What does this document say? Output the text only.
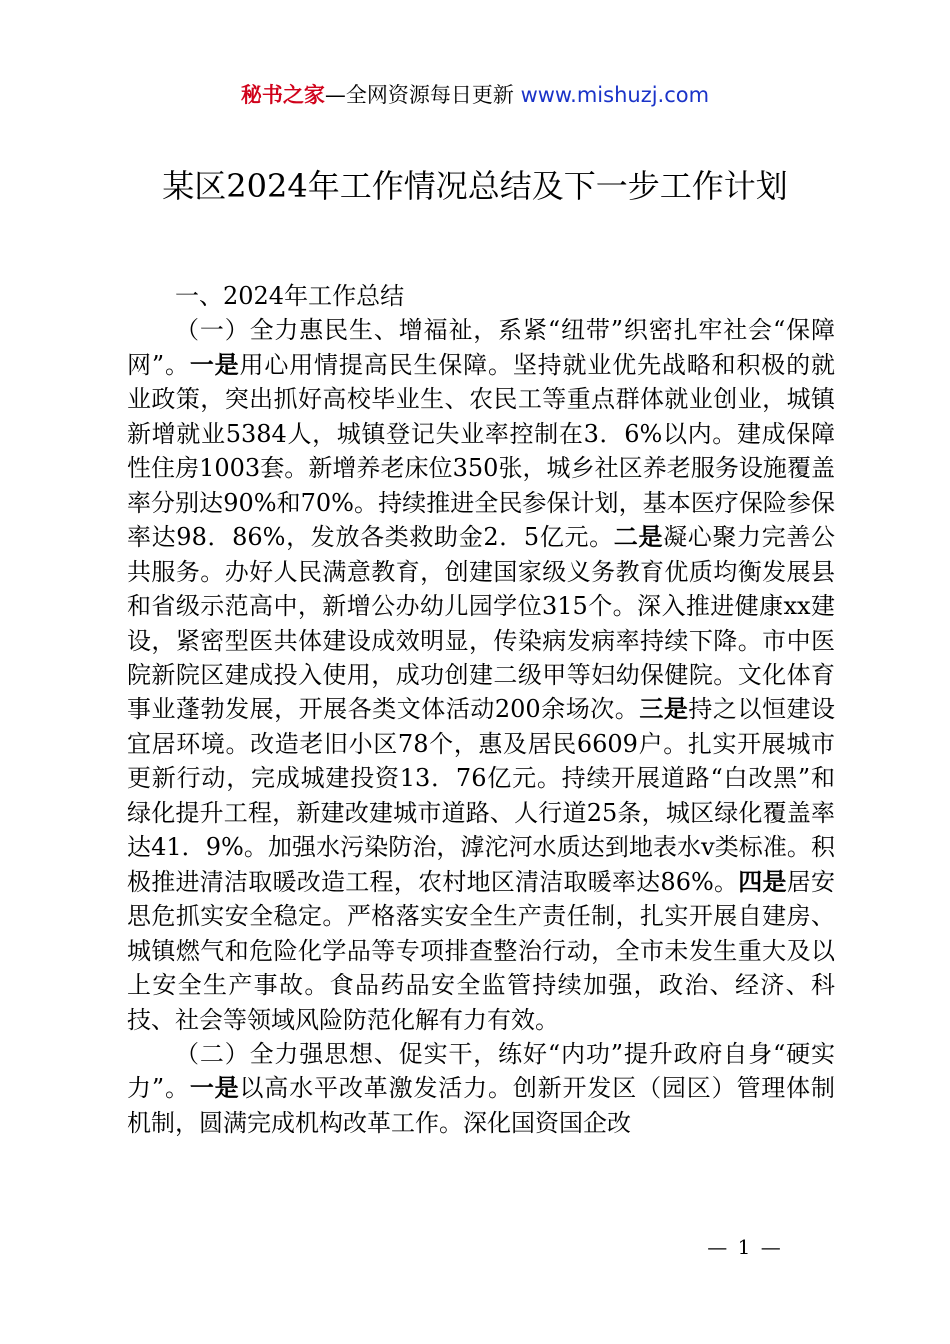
秘书之家—全网资源每日更新 www.mishuzj.com
某区2024年工作情况总结及下一步工作计划

一、2024年工作总结

（一）全力惠民生、增福祉，系紧“纽带”织密扎牢社会“保障网”。一是用心用情提高民生保障。坚持就业优先战略和积极的就业政策，突出抓好高校毕业生、农民工等重点群体就业创业，城镇新增就业5384人，城镇登记失业率控制在3．6%以内。建成保障性住房1003套。新增养老床位350张，城乡社区养老服务设施覆盖率分别达90%和70%。持续推进全民参保计划，基本医疗保险参保率达98．86%，发放各类救助金2．5亿元。二是凝心聚力完善公共服务。办好人民满意教育，创建国家级义务教育优质均衡发展县和省级示范高中，新增公办幼儿园学位315个。深入推进健康xx建设，紧密型医共体建设成效明显，传染病发病率持续下降。市中医院新院区建成投入使用，成功创建二级甲等妇幼保健院。文化体育事业蓬勃发展，开展各类文体活动200余场次。三是持之以恒建设宜居环境。改造老旧小区78个，惠及居民6609户。扎实开展城市更新行动，完成城建投资13．76亿元。持续开展道路“白改黑”和绿化提升工程，新建改建城市道路、人行道25条，城区绿化覆盖率达41．9%。加强水污染防治，滹沱河水质达到地表水v类标准。积极推进清洁取暖改造工程，农村地区清洁取暖率达86%。四是居安思危抓实安全稳定。严格落实安全生产责任制，扎实开展自建房、城镇燃气和危险化学品等专项排查整治行动，全市未发生重大及以上安全生产事故。食品药品安全监管持续加强，政治、经济、科技、社会等领域风险防范化解有力有效。

（二）全力强思想、促实干，练好“内功”提升政府自身“硬实力”。一是以高水平改革激发活力。创新开发区（园区）管理体制机制，圆满完成机构改革工作。深化国资国企改

— 1 —
